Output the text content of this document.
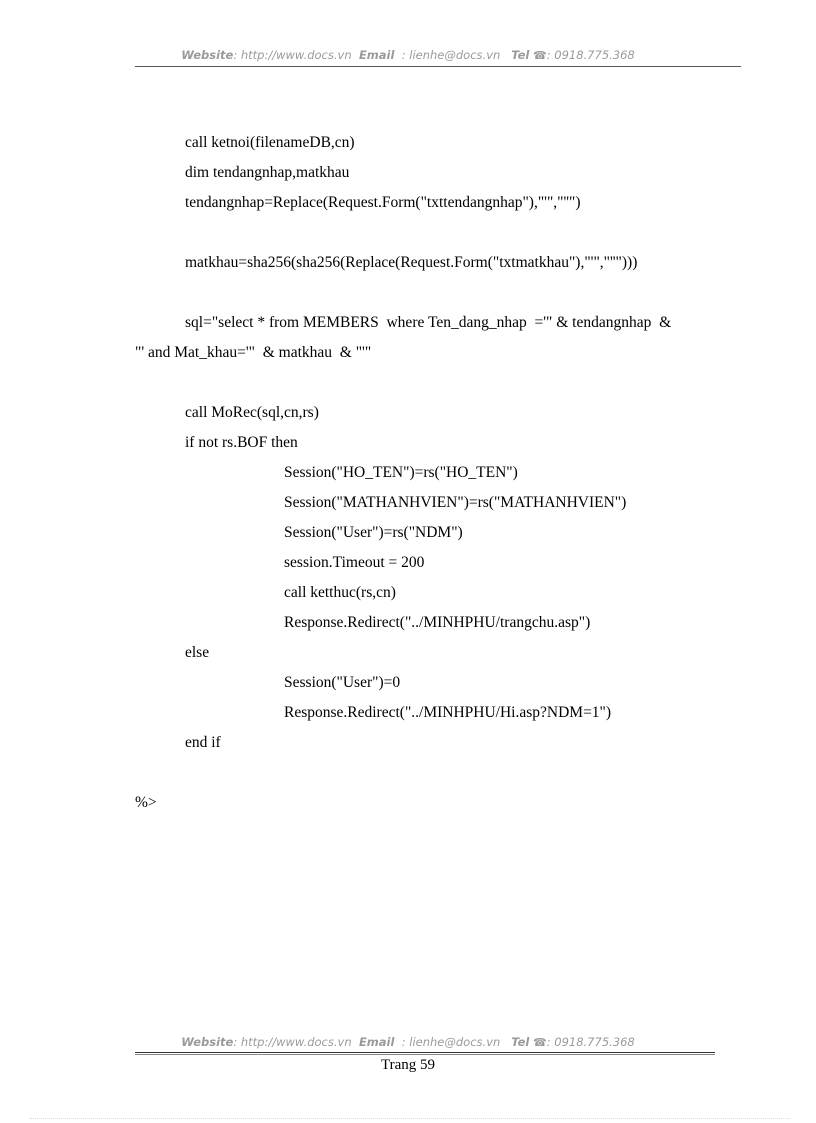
Website: http://www.docs.vn Email : lienhe@docs.vn Tel ☎: 0918.775.368
call ketnoi(filenameDB,cn)
dim tendangnhap,matkhau
tendangnhap=Replace(Request.Form("txttendangnhap"),"'","''")
matkhau=sha256(sha256(Replace(Request.Form("txtmatkhau"),"'","''")))
sql="select * from MEMBERS  where Ten_dang_nhap  ='" & tendangnhap  &
"' and Mat_khau='"  & matkhau  & "'"
call MoRec(sql,cn,rs)
if not rs.BOF then
Session("HO_TEN")=rs("HO_TEN")
Session("MATHANHVIEN")=rs("MATHANHVIEN")
Session("User")=rs("NDM")
session.Timeout = 200
call ketthuc(rs,cn)
Response.Redirect("../MINHPHU/trangchu.asp")
else
Session("User")=0
Response.Redirect("../MINHPHU/Hi.asp?NDM=1")
end if
%>
Website: http://www.docs.vn Email : lienhe@docs.vn Tel ☎: 0918.775.368
Trang 59
